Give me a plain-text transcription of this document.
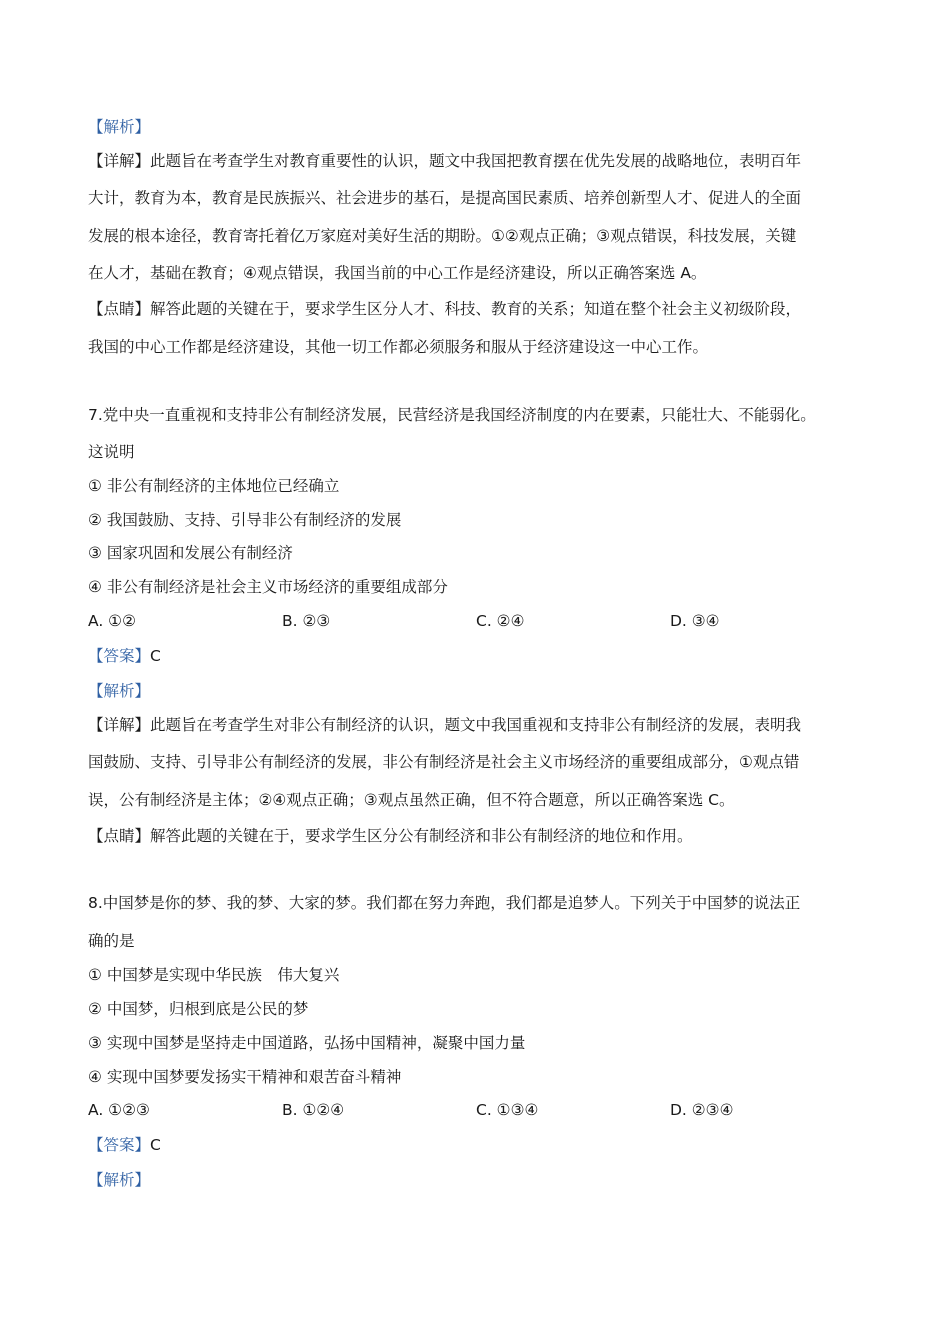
【解析】
【详解】此题旨在考查学生对教育重要性的认识，题文中我国把教育摆在优先发展的战略地位，表明百年
大计，教育为本，教育是民族振兴、社会进步的基石，是提高国民素质、培养创新型人才、促进人的全面
发展的根本途径，教育寄托着亿万家庭对美好生活的期盼。①②观点正确；③观点错误，科技发展，关键
在人才，基础在教育；④观点错误，我国当前的中心工作是经济建设，所以正确答案选 A。
【点睛】解答此题的关键在于，要求学生区分人才、科技、教育的关系；知道在整个社会主义初级阶段，
我国的中心工作都是经济建设，其他一切工作都必须服务和服从于经济建设这一中心工作。
7.党中央一直重视和支持非公有制经济发展，民营经济是我国经济制度的内在要素，只能壮大、不能弱化。
这说明
① 非公有制经济的主体地位已经确立
② 我国鼓励、支持、引导非公有制经济的发展
③ 国家巩固和发展公有制经济
④ 非公有制经济是社会主义市场经济的重要组成部分
A. ①②	B. ②③	C. ②④	D. ③④
【答案】C
【解析】
【详解】此题旨在考查学生对非公有制经济的认识，题文中我国重视和支持非公有制经济的发展，表明我
国鼓励、支持、引导非公有制经济的发展，非公有制经济是社会主义市场经济的重要组成部分，①观点错
误，公有制经济是主体；②④观点正确；③观点虽然正确，但不符合题意，所以正确答案选 C。
【点睛】解答此题的关键在于，要求学生区分公有制经济和非公有制经济的地位和作用。
8.中国梦是你的梦、我的梦、大家的梦。我们都在努力奔跑，我们都是追梦人。下列关于中国梦的说法正
确的是
① 中国梦是实现中华民族　伟大复兴
② 中国梦，归根到底是公民的梦
③ 实现中国梦是坚持走中国道路，弘扬中国精神，凝聚中国力量
④ 实现中国梦要发扬实干精神和艰苦奋斗精神
A. ①②③	B. ①②④	C. ①③④	D. ②③④
【答案】C
【解析】
